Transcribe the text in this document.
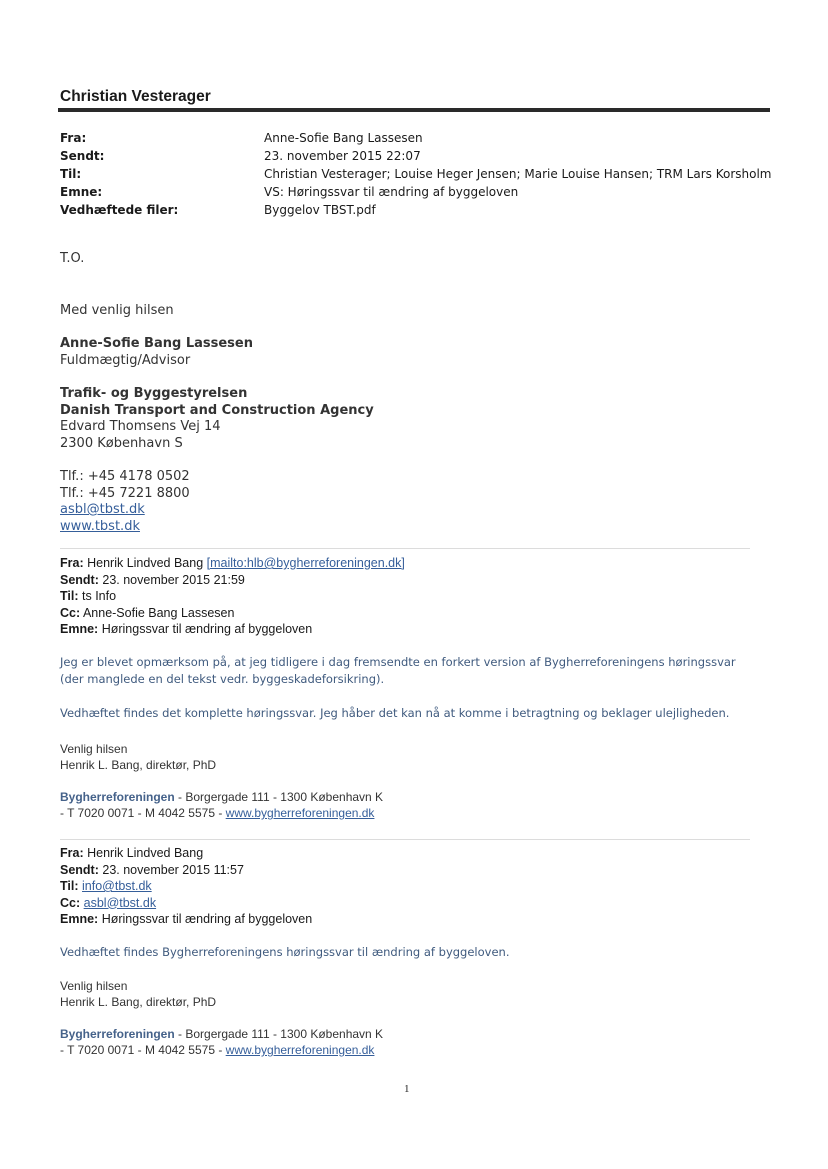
Christian Vesterager
Fra:	Anne-Sofie Bang Lassesen
Sendt:	23. november 2015 22:07
Til:	Christian Vesterager; Louise Heger Jensen; Marie Louise Hansen; TRM Lars Korsholm
Emne:	VS: Høringssvar til ændring af byggeloven
Vedhæftede filer:	Byggelov TBST.pdf
T.O.
Med venlig hilsen
Anne-Sofie Bang Lassesen
Fuldmægtig/Advisor
Trafik- og Byggestyrelsen
Danish Transport and Construction Agency
Edvard Thomsens Vej 14
2300 København S
Tlf.: +45 4178 0502
Tlf.: +45 7221 8800
asbl@tbst.dk
www.tbst.dk
Fra: Henrik Lindved Bang [mailto:hlb@bygherreforeningen.dk]
Sendt: 23. november 2015 21:59
Til: ts Info
Cc: Anne-Sofie Bang Lassesen
Emne: Høringssvar til ændring af byggeloven
Jeg er blevet opmærksom på, at jeg tidligere i dag fremsendte en forkert version af Bygherreforeningens høringssvar
(der manglede en del tekst vedr. byggeskadeforsikring).
Vedhæftet findes det komplette høringssvar. Jeg håber det kan nå at komme i betragtning og beklager ulejligheden.
Venlig hilsen
Henrik L. Bang, direktør, PhD
Bygherreforeningen - Borgergade 111 - 1300 København K
- T 7020 0071 - M 4042 5575 - www.bygherreforeningen.dk
Fra: Henrik Lindved Bang
Sendt: 23. november 2015 11:57
Til: info@tbst.dk
Cc: asbl@tbst.dk
Emne: Høringssvar til ændring af byggeloven
Vedhæftet findes Bygherreforeningens høringssvar til ændring af byggeloven.
Venlig hilsen
Henrik L. Bang, direktør, PhD
Bygherreforeningen - Borgergade 111 - 1300 København K
- T 7020 0071 - M 4042 5575 - www.bygherreforeningen.dk
1
